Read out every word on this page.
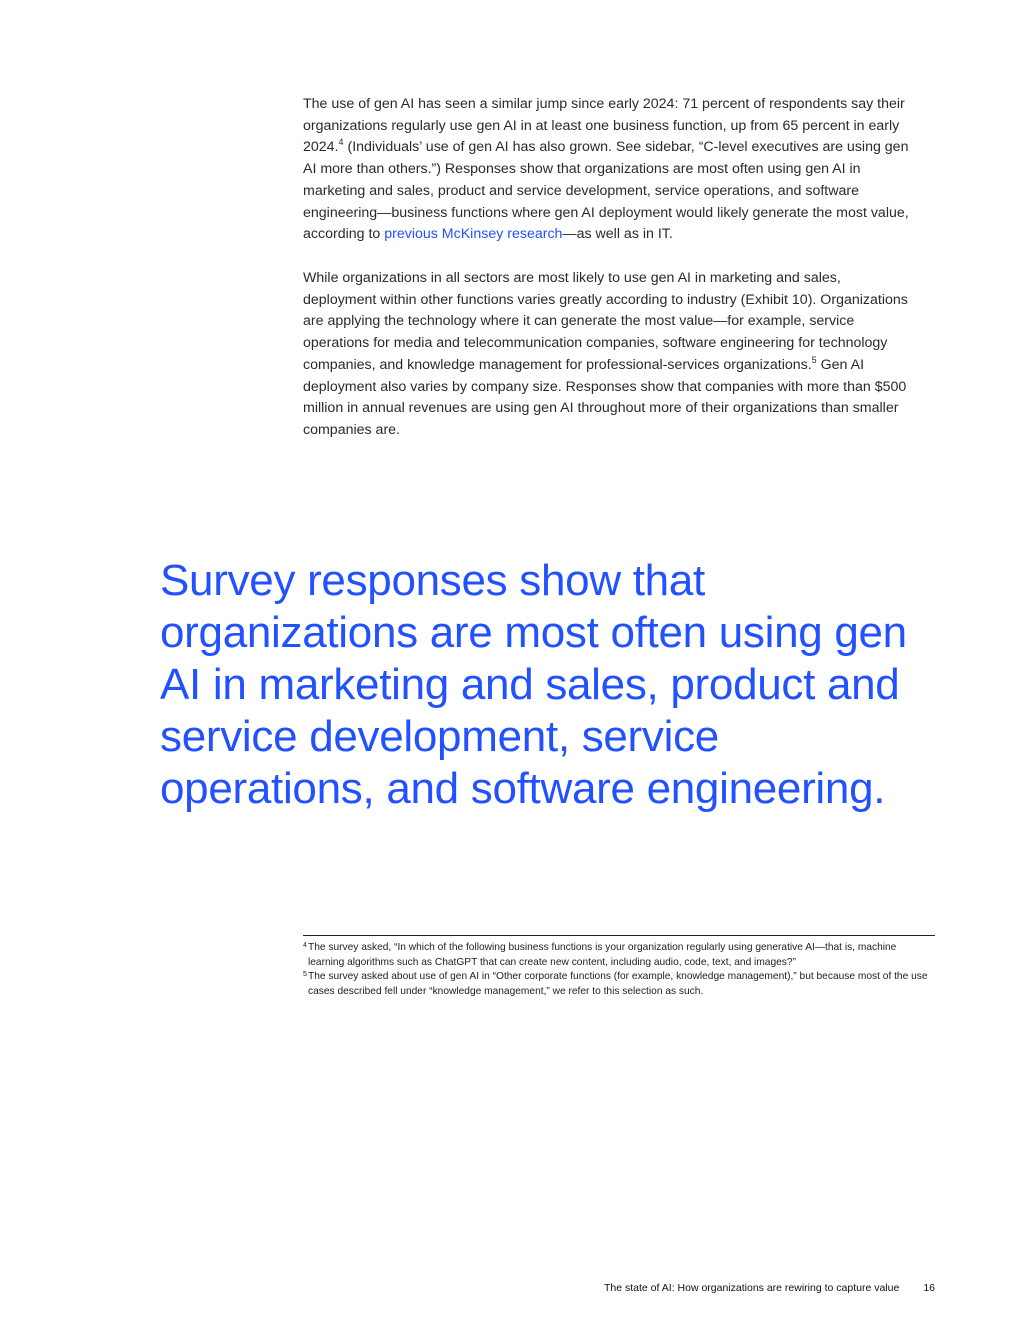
The use of gen AI has seen a similar jump since early 2024: 71 percent of respondents say their organizations regularly use gen AI in at least one business function, up from 65 percent in early 2024.$^4$ (Individuals’ use of gen AI has also grown. See sidebar, “C-level executives are using gen AI more than others.”) Responses show that organizations are most often using gen AI in marketing and sales, product and service development, service operations, and software engineering—business functions where gen AI deployment would likely generate the most value, according to previous McKinsey research—as well as in IT.

While organizations in all sectors are most likely to use gen AI in marketing and sales, deployment within other functions varies greatly according to industry (Exhibit 10). Organizations are applying the technology where it can generate the most value—for example, service operations for media and telecommunication companies, software engineering for technology companies, and knowledge management for professional-services organizations.$^5$ Gen AI deployment also varies by company size. Responses show that companies with more than $500 million in annual revenues are using gen AI throughout more of their organizations than smaller companies are.

Survey responses show that organizations are most often using gen AI in marketing and sales, product and service development, service operations, and software engineering.
4 The survey asked, “In which of the following business functions is your organization regularly using generative AI—that is, machine learning algorithms such as ChatGPT that can create new content, including audio, code, text, and images?”
5 The survey asked about use of gen AI in “Other corporate functions (for example, knowledge management),” but because most of the use cases described fell under “knowledge management,” we refer to this selection as such.
The state of AI: How organizations are rewiring to capture value 16
